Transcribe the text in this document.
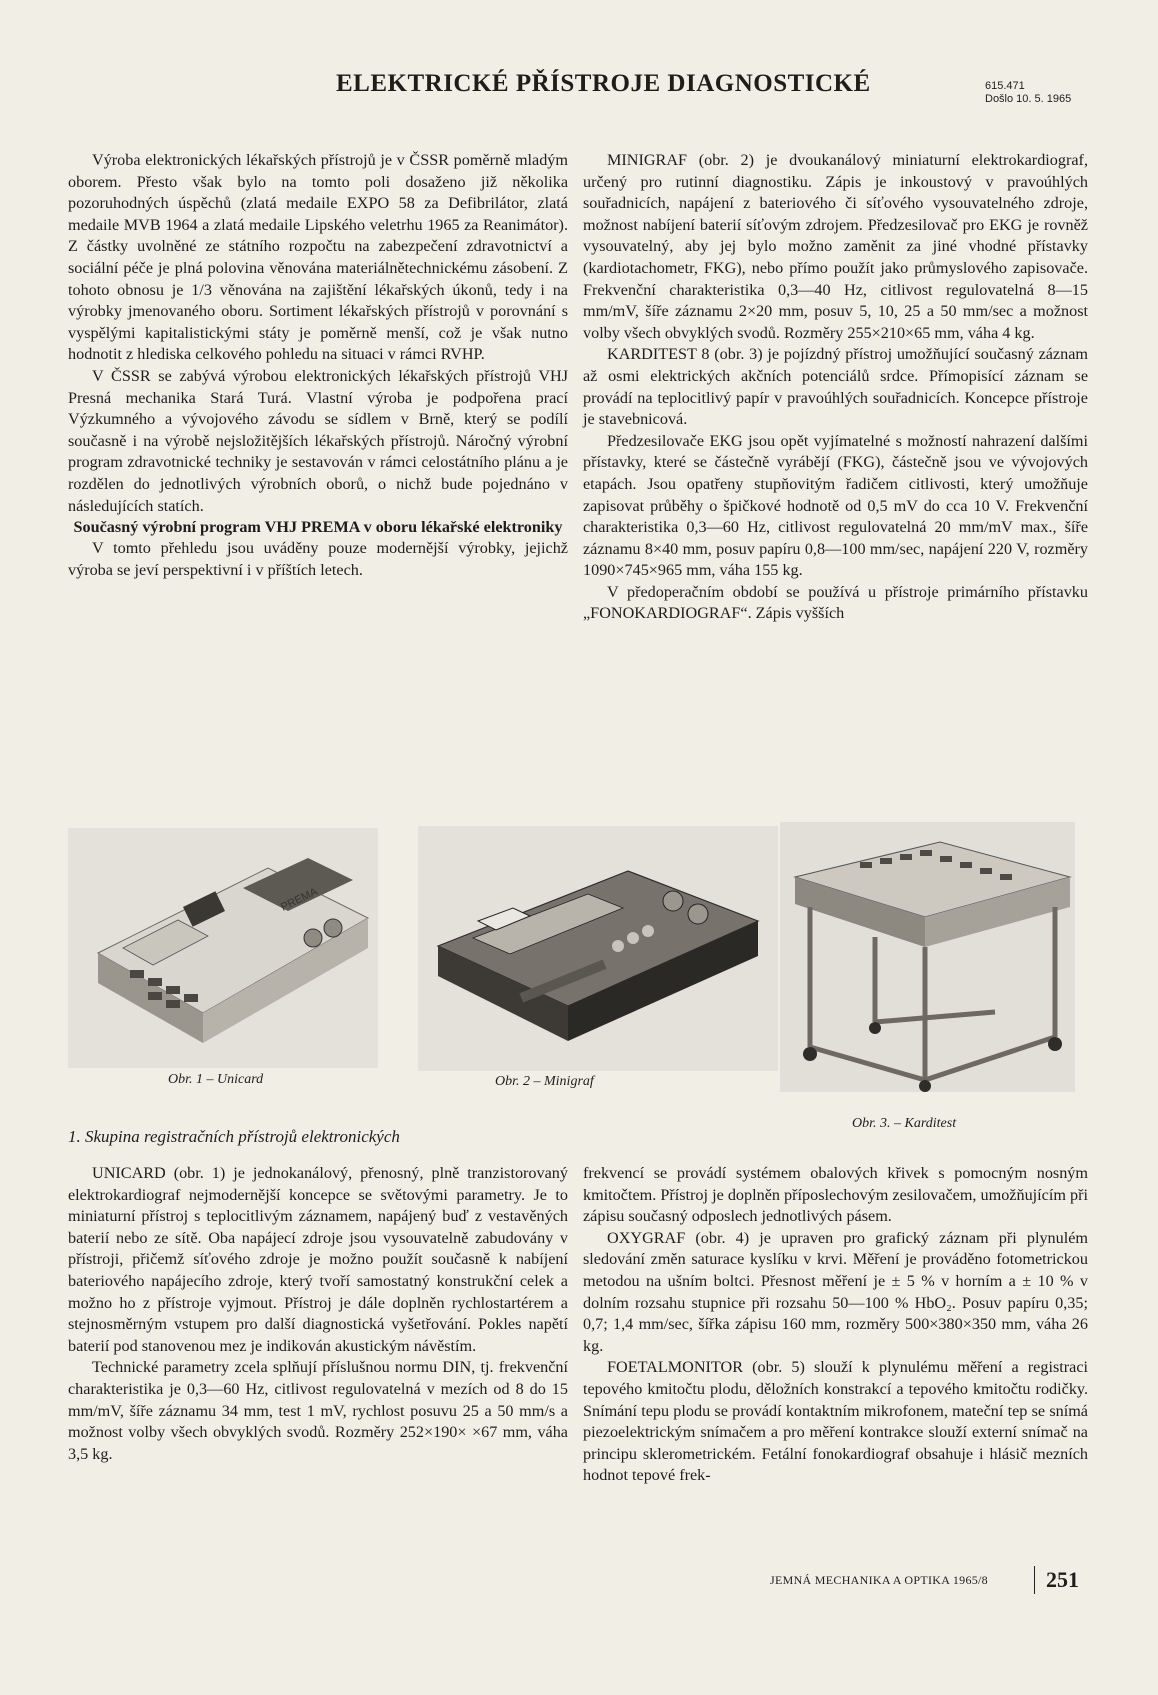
ELEKTRICKÉ PŘÍSTROJE DIAGNOSTICKÉ	615.471
Došlo 10. 5. 1965

Výroba elektronických lékařských přístrojů je v ČSSR poměrně mladým oborem. Přesto však bylo na tomto poli dosaženo již několika pozoruhodných úspěchů (zlatá medaile EXPO 58 za Defibrilátor, zlatá medaile MVB 1964 a zlatá medaile Lipského veletrhu 1965 za Reanimátor). Z částky uvolněné ze státního rozpočtu na zabezpečení zdravotnictví a sociální péče je plná polovina věnována materiálnětechnickému zásobení. Z tohoto obnosu je 1/3 věnována na zajištění lékařských úkonů, tedy i na výrobky jmenovaného oboru. Sortiment lékařských přístrojů v porovnání s vyspělými kapitalistickými státy je poměrně menší, což je však nutno hodnotit z hlediska celkového pohledu na situaci v rámci RVHP.

V ČSSR se zabývá výrobou elektronických lékařských přístrojů VHJ Presná mechanika Stará Turá. Vlastní výroba je podpořena prací Výzkumného a vývojového závodu se sídlem v Brně, který se podílí současně i na výrobě nejsložitějších lékařských přístrojů. Náročný výrobní program zdravotnické techniky je sestavován v rámci celostátního plánu a je rozdělen do jednotlivých výrobních oborů, o nichž bude pojednáno v následujících statích.

Současný výrobní program VHJ PREMA v oboru lékařské elektroniky

V tomto přehledu jsou uváděny pouze modernější výrobky, jejichž výroba se jeví perspektivní i v příštích letech.

MINIGRAF (obr. 2) je dvoukanálový miniaturní elektrokardiograf, určený pro rutinní diagnostiku. Zápis je inkoustový v pravoúhlých souřadnicích, napájení z bateriového či síťového vysouvatelného zdroje, možnost nabíjení baterií síťovým zdrojem. Předzesilovač pro EKG je rovněž vysouvatelný, aby jej bylo možno zaměnit za jiné vhodné přístavky (kardiotachometr, FKG), nebo přímo použít jako průmyslového zapisovače. Frekvenční charakteristika 0,3—40 Hz, citlivost regulovatelná 8—15 mm/mV, šíře záznamu 2×20 mm, posuv 5, 10, 25 a 50 mm/sec a možnost volby všech obvyklých svodů. Rozměry 255×210×65 mm, váha 4 kg.

KARDITEST 8 (obr. 3) je pojízdný přístroj umožňující současný záznam až osmi elektrických akčních potenciálů srdce. Přímopisící záznam se provádí na teplocitlivý papír v pravoúhlých souřadnicích. Koncepce přístroje je stavebnicová.

Předzesilovače EKG jsou opět vyjímatelné s možností nahrazení dalšími přístavky, které se částečně vyrábějí (FKG), částečně jsou ve vývojových etapách. Jsou opatřeny stupňovitým řadičem citlivosti, který umožňuje zapisovat průběhy o špičkové hodnotě od 0,5 mV do cca 10 V. Frekvenční charakteristika 0,3—60 Hz, citlivost regulovatelná 20 mm/mV max., šíře záznamu 8×40 mm, posuv papíru 0,8—100 mm/sec, napájení 220 V, rozměry 1090×745×965 mm, váha 155 kg.

V předoperačním období se používá u přístroje primárního přístavku „FONOKARDIOGRAF“. Zápis vyšších

PREMA
Obr. 1 – Unicard	Obr. 2 – Minigraf
Obr. 3. – Karditest
1. Skupina registračních přístrojů elektronických

UNICARD (obr. 1) je jednokanálový, přenosný, plně tranzistorovaný elektrokardiograf nejmodernější koncepce se světovými parametry. Je to miniaturní přístroj s teplocitlivým záznamem, napájený buď z vestavěných baterií nebo ze sítě. Oba napájecí zdroje jsou vysouvatelně zabudovány v přístroji, přičemž síťového zdroje je možno použít současně k nabíjení bateriového napájecího zdroje, který tvoří samostatný konstrukční celek a možno ho z přístroje vyjmout. Přístroj je dále doplněn rychlostartérem a stejnosměrným vstupem pro další diagnostická vyšetřování. Pokles napětí baterií pod stanovenou mez je indikován akustickým návěstím.

Technické parametry zcela splňují příslušnou normu DIN, tj. frekvenční charakteristika je 0,3—60 Hz, citlivost regulovatelná v mezích od 8 do 15 mm/mV, šíře záznamu 34 mm, test 1 mV, rychlost posuvu 25 a 50 mm/s a možnost volby všech obvyklých svodů. Rozměry 252×190× ×67 mm, váha 3,5 kg.

frekvencí se provádí systémem obalových křivek s pomocným nosným kmitočtem. Přístroj je doplněn příposlechovým zesilovačem, umožňujícím při zápisu současný odposlech jednotlivých pásem.

OXYGRAF (obr. 4) je upraven pro grafický záznam při plynulém sledování změn saturace kyslíku v krvi. Měření je prováděno fotometrickou metodou na ušním boltci. Přesnost měření je ± 5 % v horním a ± 10 % v dolním rozsahu stupnice při rozsahu 50—100 % HbO₂. Posuv papíru 0,35; 0,7; 1,4 mm/sec, šířka zápisu 160 mm, rozměry 500×380×350 mm, váha 26 kg.

FOETALMONITOR (obr. 5) slouží k plynulému měření a registraci tepového kmitočtu plodu, děložních konstrakcí a tepového kmitočtu rodičky. Snímání tepu plodu se provádí kontaktním mikrofonem, mateční tep se snímá piezoelektrickým snímačem a pro měření kontrakce slouží externí snímač na principu sklerometrickém. Fetální fonokardiograf obsahuje i hlásič mezních hodnot tepové frek-

JEMNÁ MECHANIKA A OPTIKA 1965/8	251
